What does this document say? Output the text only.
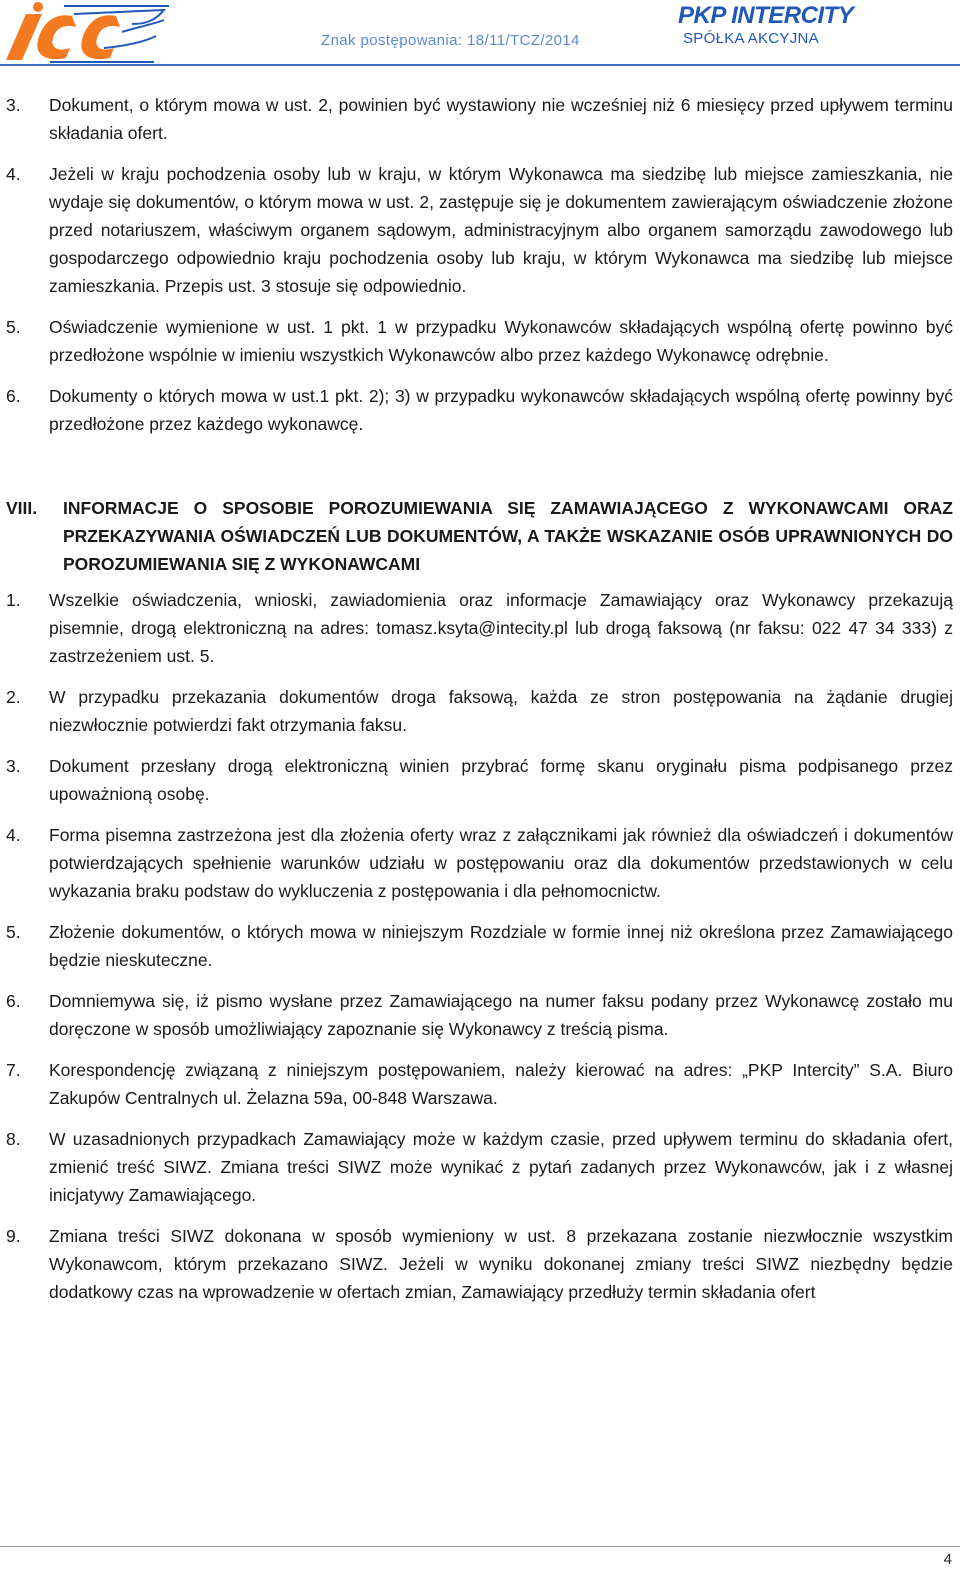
Znak postępowania: 18/11/TCZ/2014
PKP INTERCITY
SPÓŁKA AKCYJNA
3.	Dokument, o którym mowa w ust. 2, powinien być wystawiony nie wcześniej niż 6 miesięcy przed upływem terminu składania ofert.
4.	Jeżeli w kraju pochodzenia osoby lub w kraju, w którym Wykonawca ma siedzibę lub miejsce zamieszkania, nie wydaje się dokumentów, o którym mowa w ust. 2, zastępuje się je dokumentem zawierającym oświadczenie złożone przed notariuszem, właściwym organem sądowym, administracyjnym albo organem samorządu zawodowego lub gospodarczego odpowiednio kraju pochodzenia osoby lub kraju, w którym Wykonawca ma siedzibę lub miejsce zamieszkania. Przepis ust. 3 stosuje się odpowiednio.
5.	Oświadczenie wymienione w ust. 1 pkt. 1 w przypadku Wykonawców składających wspólną ofertę powinno być przedłożone wspólnie w imieniu wszystkich Wykonawców albo przez każdego Wykonawcę odrębnie.
6.	Dokumenty o których mowa w ust.1 pkt. 2); 3) w przypadku wykonawców składających wspólną ofertę powinny być przedłożone przez każdego wykonawcę.
VIII.	INFORMACJE O SPOSOBIE POROZUMIEWANIA SIĘ ZAMAWIAJĄCEGO Z WYKONAWCAMI ORAZ PRZEKAZYWANIA OŚWIADCZEŃ LUB DOKUMENTÓW, A TAKŻE WSKAZANIE OSÓB UPRAWNIONYCH DO POROZUMIEWANIA SIĘ Z WYKONAWCAMI
1.	Wszelkie oświadczenia, wnioski, zawiadomienia oraz informacje Zamawiający oraz Wykonawcy przekazują pisemnie, drogą elektroniczną na adres: tomasz.ksyta@intecity.pl lub drogą faksową (nr faksu: 022 47 34 333) z zastrzeżeniem ust. 5.
2.	W przypadku przekazania dokumentów droga faksową, każda ze stron postępowania na żądanie drugiej niezwłocznie potwierdzi fakt otrzymania faksu.
3.	Dokument przesłany drogą elektroniczną winien przybrać formę skanu oryginału pisma podpisanego przez upoważnioną osobę.
4.	Forma pisemna zastrzeżona jest dla złożenia oferty wraz z załącznikami jak również dla oświadczeń i dokumentów potwierdzających spełnienie warunków udziału w postępowaniu oraz dla dokumentów przedstawionych w celu wykazania braku podstaw do wykluczenia z postępowania i dla pełnomocnictw.
5.	Złożenie dokumentów, o których mowa w niniejszym Rozdziale w formie innej niż określona przez Zamawiającego będzie nieskuteczne.
6.	Domniemywa się, iż pismo wysłane przez Zamawiającego na numer faksu podany przez Wykonawcę zostało mu doręczone w sposób umożliwiający zapoznanie się Wykonawcy z treścią pisma.
7.	Korespondencję związaną z niniejszym postępowaniem, należy kierować na adres: „PKP Intercity” S.A. Biuro Zakupów Centralnych ul. Żelazna 59a, 00-848 Warszawa.
8.	W uzasadnionych przypadkach Zamawiający może w każdym czasie, przed upływem terminu do składania ofert, zmienić treść SIWZ. Zmiana treści SIWZ może wynikać z pytań zadanych przez Wykonawców, jak i z własnej inicjatywy Zamawiającego.
9.	Zmiana treści SIWZ dokonana w sposób wymieniony w ust. 8 przekazana zostanie niezwłocznie wszystkim Wykonawcom, którym przekazano SIWZ. Jeżeli w wyniku dokonanej zmiany treści SIWZ niezbędny będzie dodatkowy czas na wprowadzenie w ofertach zmian, Zamawiający przedłuży termin składania ofert
4
